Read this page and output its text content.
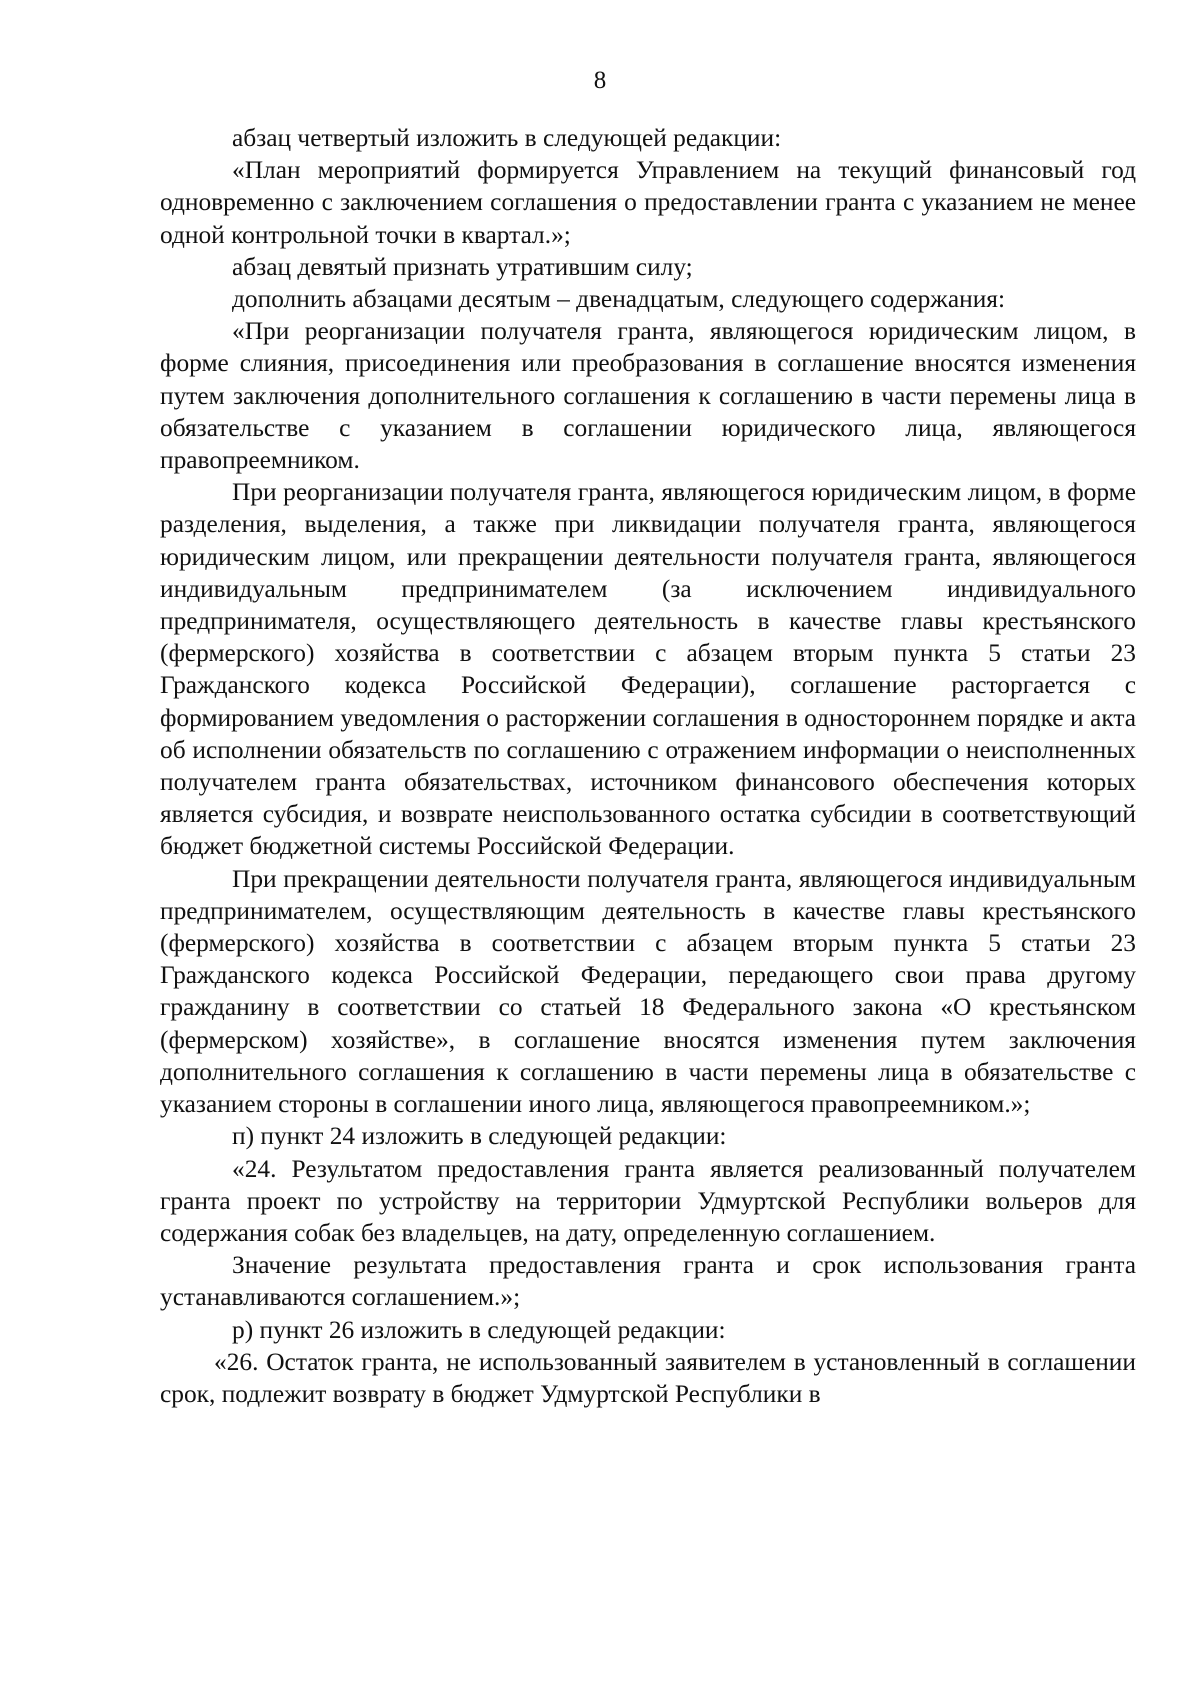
8

абзац четвертый изложить в следующей редакции:

«План мероприятий формируется Управлением на текущий финансовый год одновременно с заключением соглашения о предоставлении гранта с указанием не менее одной контрольной точки в квартал.»;

абзац девятый признать утратившим силу;

дополнить абзацами десятым – двенадцатым, следующего содержания:

«При реорганизации получателя гранта, являющегося юридическим лицом, в форме слияния, присоединения или преобразования в соглашение вносятся изменения путем заключения дополнительного соглашения к соглашению в части перемены лица в обязательстве с указанием в соглашении юридического лица, являющегося правопреемником.

При реорганизации получателя гранта, являющегося юридическим лицом, в форме разделения, выделения, а также при ликвидации получателя гранта, являющегося юридическим лицом, или прекращении деятельности получателя гранта, являющегося индивидуальным предпринимателем (за исключением индивидуального предпринимателя, осуществляющего деятельность в качестве главы крестьянского (фермерского) хозяйства в соответствии с абзацем вторым пункта 5 статьи 23 Гражданского кодекса Российской Федерации), соглашение расторгается с формированием уведомления о расторжении соглашения в одностороннем порядке и акта об исполнении обязательств по соглашению с отражением информации о неисполненных получателем гранта обязательствах, источником финансового обеспечения которых является субсидия, и возврате неиспользованного остатка субсидии в соответствующий бюджет бюджетной системы Российской Федерации.

При прекращении деятельности получателя гранта, являющегося индивидуальным предпринимателем, осуществляющим деятельность в качестве главы крестьянского (фермерского) хозяйства в соответствии с абзацем вторым пункта 5 статьи 23 Гражданского кодекса Российской Федерации, передающего свои права другому гражданину в соответствии со статьей 18 Федерального закона «О крестьянском (фермерском) хозяйстве», в соглашение вносятся изменения путем заключения дополнительного соглашения к соглашению в части перемены лица в обязательстве с указанием стороны в соглашении иного лица, являющегося правопреемником.»;

п) пункт 24 изложить в следующей редакции:

«24. Результатом предоставления гранта является реализованный получателем гранта проект по устройству на территории Удмуртской Республики вольеров для содержания собак без владельцев, на дату, определенную соглашением.

Значение результата предоставления гранта и срок использования гранта устанавливаются соглашением.»;

р) пункт 26 изложить в следующей редакции:

«26. Остаток гранта, не использованный заявителем в установленный в соглашении срок, подлежит возврату в бюджет Удмуртской Республики в
